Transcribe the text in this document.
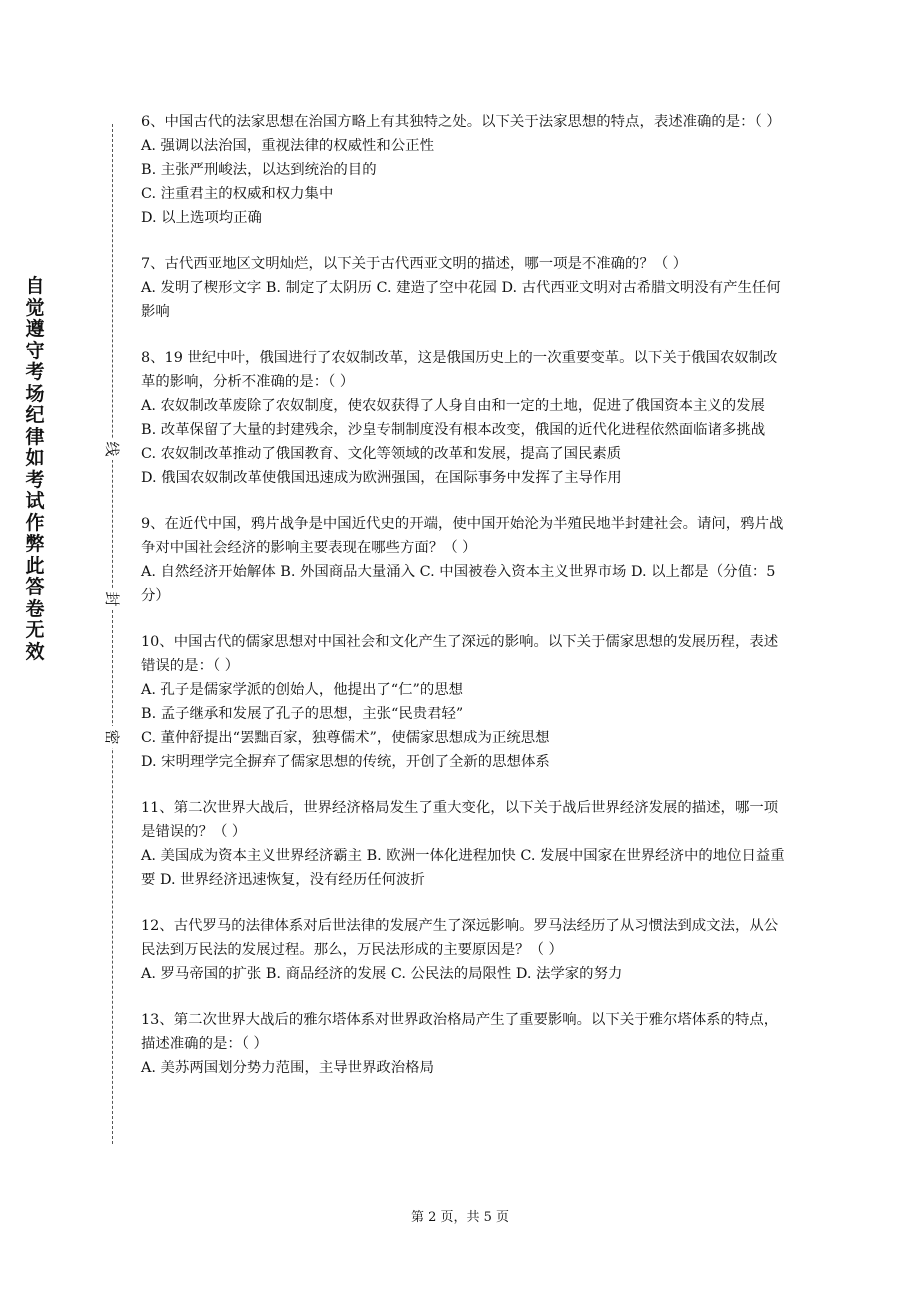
自觉遵守考场纪律如考试作弊此答卷无效
线
封
密

6、中国古代的法家思想在治国方略上有其独特之处。以下关于法家思想的特点，表述准确的是：（ ）

A. 强调以法治国，重视法律的权威性和公正性

B. 主张严刑峻法，以达到统治的目的

C. 注重君主的权威和权力集中

D. 以上选项均正确

7、古代西亚地区文明灿烂，以下关于古代西亚文明的描述，哪一项是不准确的？（ ）

A. 发明了楔形文字 B. 制定了太阴历 C. 建造了空中花园 D. 古代西亚文明对古希腊文明没有产生任何影响

8、19 世纪中叶，俄国进行了农奴制改革，这是俄国历史上的一次重要变革。以下关于俄国农奴制改革的影响，分析不准确的是：（ ）

A. 农奴制改革废除了农奴制度，使农奴获得了人身自由和一定的土地，促进了俄国资本主义的发展

B. 改革保留了大量的封建残余，沙皇专制制度没有根本改变，俄国的近代化进程依然面临诸多挑战

C. 农奴制改革推动了俄国教育、文化等领域的改革和发展，提高了国民素质

D. 俄国农奴制改革使俄国迅速成为欧洲强国，在国际事务中发挥了主导作用

9、在近代中国，鸦片战争是中国近代史的开端，使中国开始沦为半殖民地半封建社会。请问，鸦片战争对中国社会经济的影响主要表现在哪些方面？（ ）

A. 自然经济开始解体 B. 外国商品大量涌入 C. 中国被卷入资本主义世界市场 D. 以上都是（分值：5 分）

10、中国古代的儒家思想对中国社会和文化产生了深远的影响。以下关于儒家思想的发展历程，表述错误的是：（ ）

A. 孔子是儒家学派的创始人，他提出了“仁”的思想

B. 孟子继承和发展了孔子的思想，主张“民贵君轻”

C. 董仲舒提出“罢黜百家，独尊儒术”，使儒家思想成为正统思想

D. 宋明理学完全摒弃了儒家思想的传统，开创了全新的思想体系

11、第二次世界大战后，世界经济格局发生了重大变化，以下关于战后世界经济发展的描述，哪一项是错误的？（ ）

A. 美国成为资本主义世界经济霸主 B. 欧洲一体化进程加快 C. 发展中国家在世界经济中的地位日益重要 D. 世界经济迅速恢复，没有经历任何波折

12、古代罗马的法律体系对后世法律的发展产生了深远影响。罗马法经历了从习惯法到成文法，从公民法到万民法的发展过程。那么，万民法形成的主要原因是？（ ）

A. 罗马帝国的扩张 B. 商品经济的发展 C. 公民法的局限性 D. 法学家的努力

13、第二次世界大战后的雅尔塔体系对世界政治格局产生了重要影响。以下关于雅尔塔体系的特点，描述准确的是：（ ）

A. 美苏两国划分势力范围，主导世界政治格局

第 2 页，共 5 页
